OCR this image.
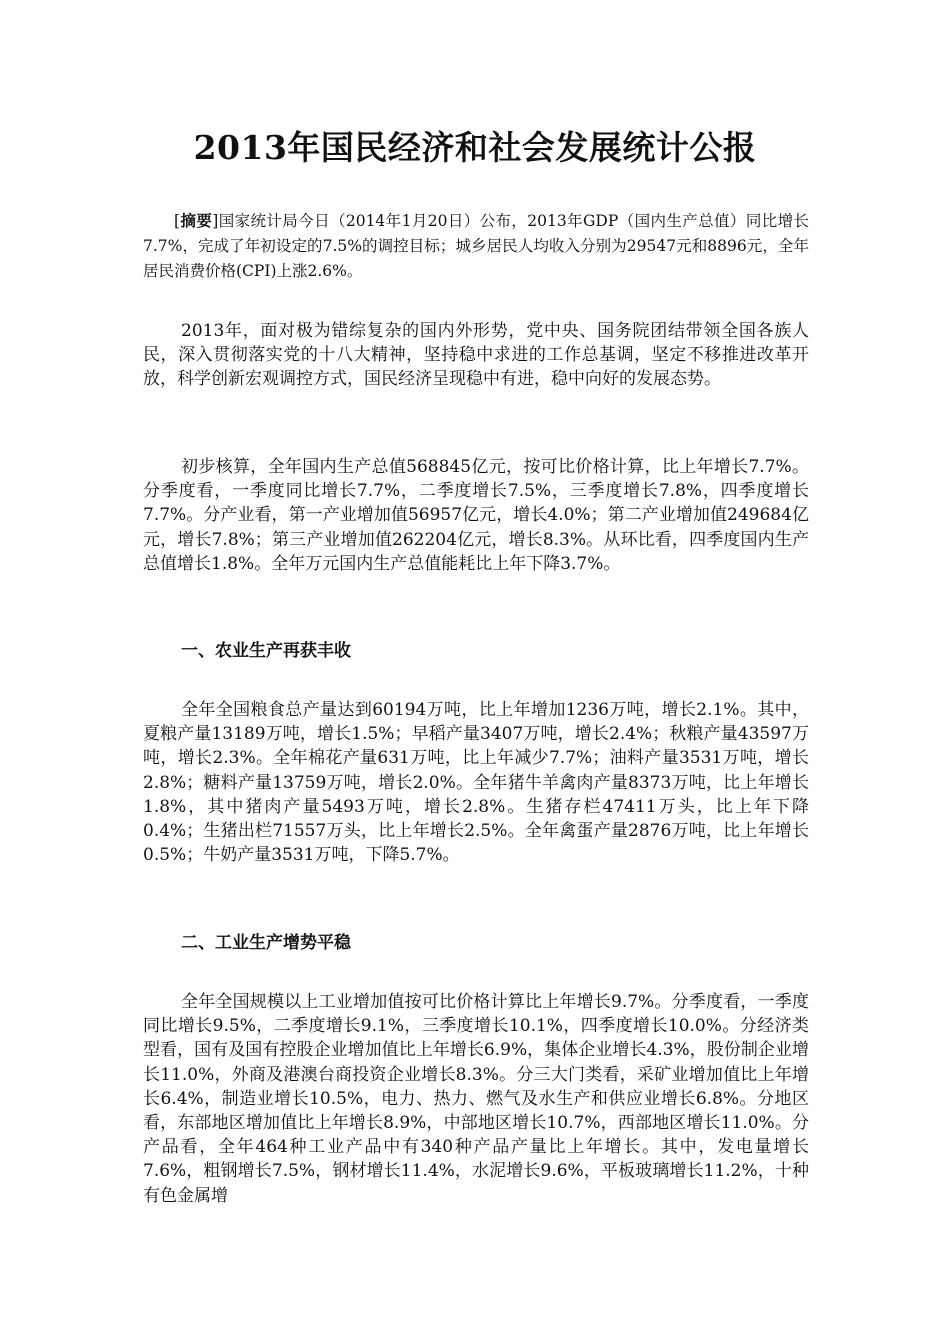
2013年国民经济和社会发展统计公报
[摘要]国家统计局今日（2014年1月20日）公布，2013年GDP（国内生产总值）同比增长7.7%，完成了年初设定的7.5%的调控目标；城乡居民人均收入分别为29547元和8896元，全年居民消费价格(CPI)上涨2.6%。
2013年，面对极为错综复杂的国内外形势，党中央、国务院团结带领全国各族人民，深入贯彻落实党的十八大精神，坚持稳中求进的工作总基调，坚定不移推进改革开放，科学创新宏观调控方式，国民经济呈现稳中有进，稳中向好的发展态势。
初步核算，全年国内生产总值568845亿元，按可比价格计算，比上年增长7.7%。分季度看，一季度同比增长7.7%，二季度增长7.5%，三季度增长7.8%，四季度增长7.7%。分产业看，第一产业增加值56957亿元，增长4.0%；第二产业增加值249684亿元，增长7.8%；第三产业增加值262204亿元，增长8.3%。从环比看，四季度国内生产总值增长1.8%。全年万元国内生产总值能耗比上年下降3.7%。
一、农业生产再获丰收
全年全国粮食总产量达到60194万吨，比上年增加1236万吨，增长2.1%。其中，夏粮产量13189万吨，增长1.5%；早稻产量3407万吨，增长2.4%；秋粮产量43597万吨，增长2.3%。全年棉花产量631万吨，比上年减少7.7%；油料产量3531万吨，增长2.8%；糖料产量13759万吨，增长2.0%。全年猪牛羊禽肉产量8373万吨，比上年增长1.8%，其中猪肉产量5493万吨，增长2.8%。生猪存栏47411万头，比上年下降0.4%；生猪出栏71557万头，比上年增长2.5%。全年禽蛋产量2876万吨，比上年增长0.5%；牛奶产量3531万吨，下降5.7%。
二、工业生产增势平稳
全年全国规模以上工业增加值按可比价格计算比上年增长9.7%。分季度看，一季度同比增长9.5%，二季度增长9.1%，三季度增长10.1%，四季度增长10.0%。分经济类型看，国有及国有控股企业增加值比上年增长6.9%，集体企业增长4.3%，股份制企业增长11.0%，外商及港澳台商投资企业增长8.3%。分三大门类看，采矿业增加值比上年增长6.4%，制造业增长10.5%，电力、热力、燃气及水生产和供应业增长6.8%。分地区看，东部地区增加值比上年增长8.9%，中部地区增长10.7%，西部地区增长11.0%。分产品看，全年464种工业产品中有340种产品产量比上年增长。其中，发电量增长7.6%，粗钢增长7.5%，钢材增长11.4%，水泥增长9.6%，平板玻璃增长11.2%，十种有色金属增
